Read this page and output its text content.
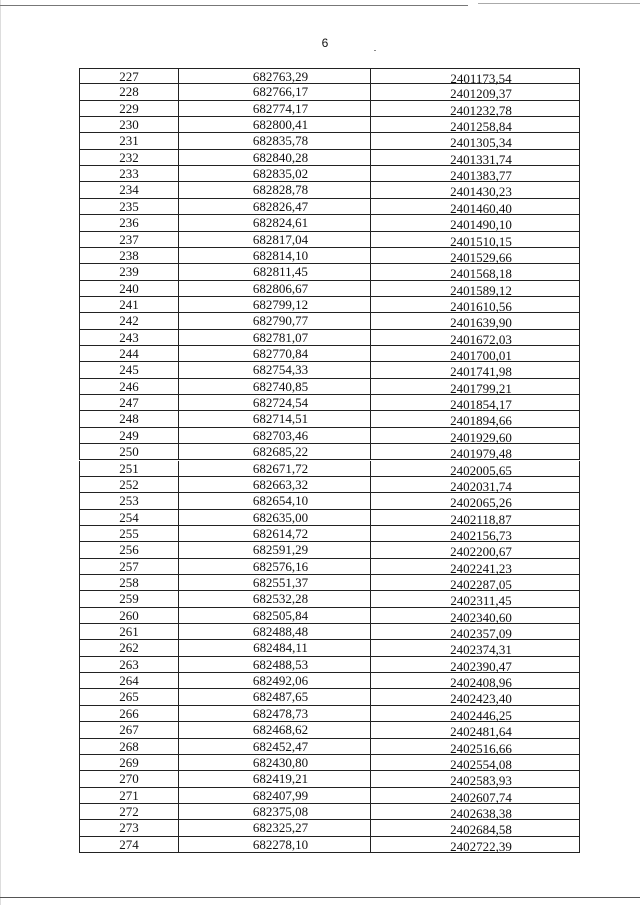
6
227	682763,29	2401173,54
228	682766,17	2401209,37
229	682774,17	2401232,78
230	682800,41	2401258,84
231	682835,78	2401305,34
232	682840,28	2401331,74
233	682835,02	2401383,77
234	682828,78	2401430,23
235	682826,47	2401460,40
236	682824,61	2401490,10
237	682817,04	2401510,15
238	682814,10	2401529,66
239	682811,45	2401568,18
240	682806,67	2401589,12
241	682799,12	2401610,56
242	682790,77	2401639,90
243	682781,07	2401672,03
244	682770,84	2401700,01
245	682754,33	2401741,98
246	682740,85	2401799,21
247	682724,54	2401854,17
248	682714,51	2401894,66
249	682703,46	2401929,60
250	682685,22	2401979,48
251	682671,72	2402005,65
252	682663,32	2402031,74
253	682654,10	2402065,26
254	682635,00	2402118,87
255	682614,72	2402156,73
256	682591,29	2402200,67
257	682576,16	2402241,23
258	682551,37	2402287,05
259	682532,28	2402311,45
260	682505,84	2402340,60
261	682488,48	2402357,09
262	682484,11	2402374,31
263	682488,53	2402390,47
264	682492,06	2402408,96
265	682487,65	2402423,40
266	682478,73	2402446,25
267	682468,62	2402481,64
268	682452,47	2402516,66
269	682430,80	2402554,08
270	682419,21	2402583,93
271	682407,99	2402607,74
272	682375,08	2402638,38
273	682325,27	2402684,58
274	682278,10	2402722,39
